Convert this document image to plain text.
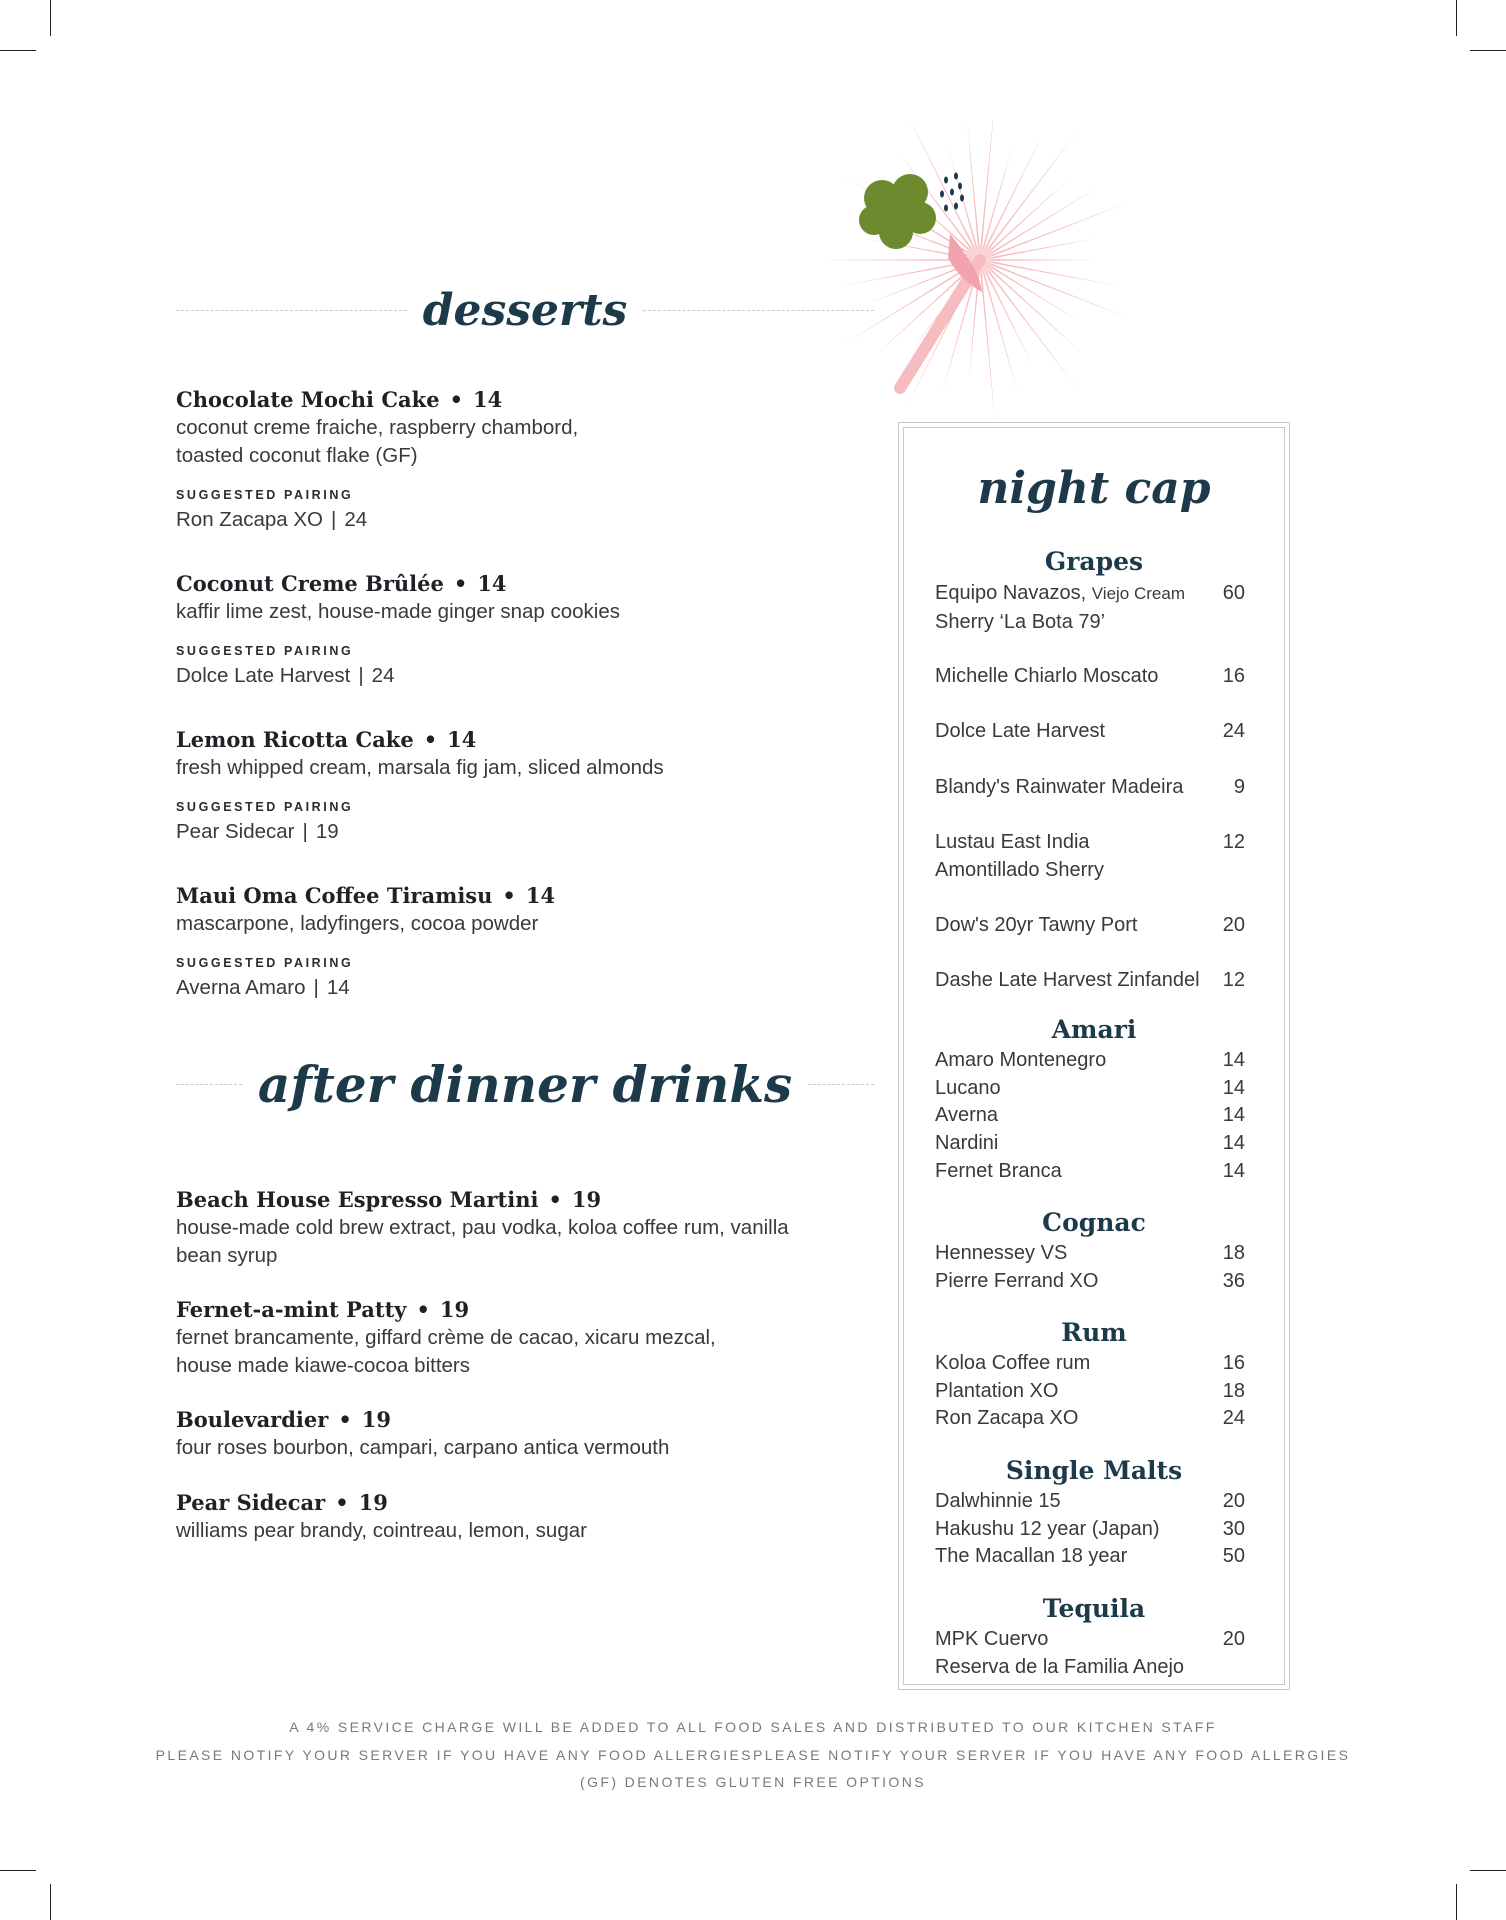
desserts
Chocolate Mochi Cake • 14
coconut creme fraiche, raspberry chambord,
toasted coconut flake (GF)
SUGGESTED PAIRING
Ron Zacapa XO | 24
Coconut Creme Brûlée • 14
kaffir lime zest, house-made ginger snap cookies
SUGGESTED PAIRING
Dolce Late Harvest | 24
Lemon Ricotta Cake • 14
fresh whipped cream, marsala fig jam, sliced almonds
SUGGESTED PAIRING
Pear Sidecar | 19
Maui Oma Coffee Tiramisu • 14
mascarpone, ladyfingers, cocoa powder
SUGGESTED PAIRING
Averna Amaro | 14
after dinner drinks
Beach House Espresso Martini • 19
house-made cold brew extract, pau vodka, koloa coffee rum, vanilla
bean syrup
Fernet-a-mint Patty • 19
fernet brancamente, giffard crème de cacao, xicaru mezcal,
house made kiawe-cocoa bitters
Boulevardier • 19
four roses bourbon, campari, carpano antica vermouth
Pear Sidecar • 19
williams pear brandy, cointreau, lemon, sugar
night cap
Grapes
Equipo Navazos, Viejo Cream
Sherry ‘La Bota 79’
60
Michelle Chiarlo Moscato	16
Dolce Late Harvest	24
Blandy's Rainwater Madeira	9
Lustau East India
Amontillado Sherry
12
Dow's 20yr Tawny Port	20
Dashe Late Harvest Zinfandel	12
Amari
Amaro Montenegro	14
Lucano	14
Averna	14
Nardini	14
Fernet Branca	14
Cognac
Hennessey VS	18
Pierre Ferrand XO	36
Rum
Koloa Coffee rum	16
Plantation XO	18
Ron Zacapa XO	24
Single Malts
Dalwhinnie 15	20
Hakushu 12 year (Japan)	30
The Macallan 18 year	50
Tequila
MPK Cuervo	20
Reserva de la Familia Anejo
A 4% SERVICE CHARGE WILL BE ADDED TO ALL FOOD SALES AND DISTRIBUTED TO OUR KITCHEN STAFF
PLEASE NOTIFY YOUR SERVER IF YOU HAVE ANY FOOD ALLERGIESPLEASE NOTIFY YOUR SERVER IF YOU HAVE ANY FOOD ALLERGIES
(GF) DENOTES GLUTEN FREE OPTIONS
